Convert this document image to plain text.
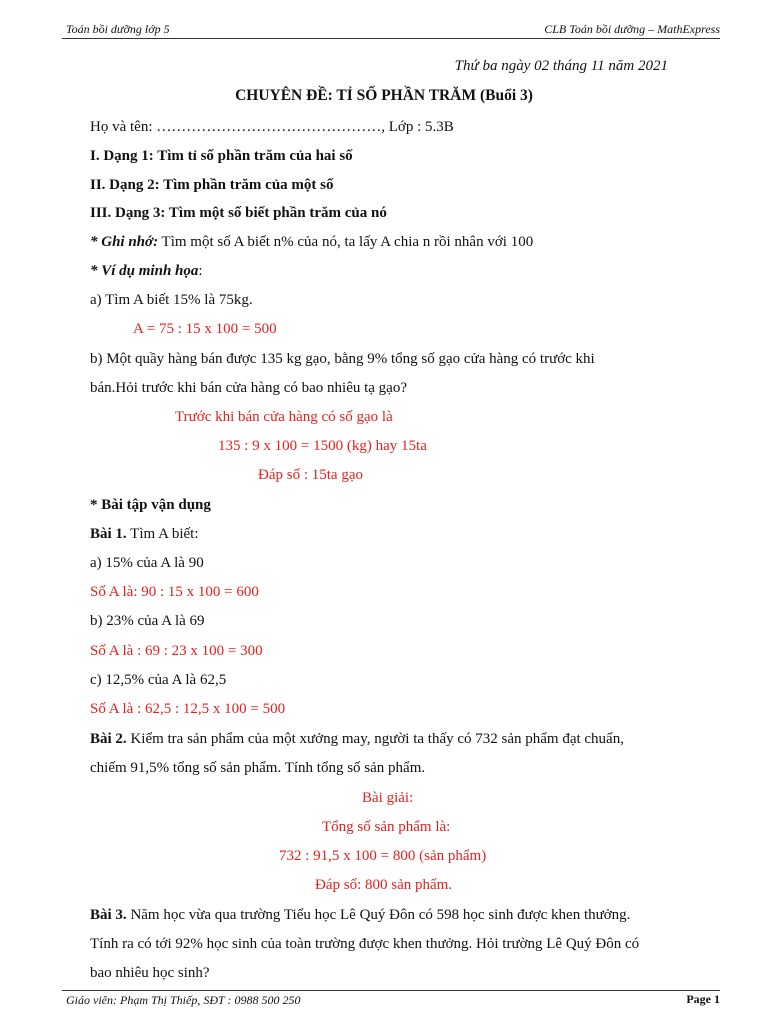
Toán bồi dưỡng lớp 5	CLB Toán bồi dưỡng – MathExpress
Thứ ba ngày 02 tháng 11 năm 2021
CHUYÊN ĐỀ: TỈ SỐ PHẦN TRĂM (Buổi 3)
Họ và tên: ………………………………………, Lớp : 5.3B
I. Dạng 1: Tìm tỉ số phần trăm của hai số
II. Dạng 2: Tìm phần trăm của một số
III. Dạng 3: Tìm một số biết phần trăm của nó
* Ghi nhớ: Tìm một số A biết n% của nó, ta lấy A chia n rồi nhân với 100
* Ví dụ minh họa:
a) Tìm A biết 15% là 75kg.
A = 75 : 15 x 100 = 500
b) Một quầy hàng bán được 135 kg gạo, bằng 9% tổng số gạo cửa hàng có trước khi
bán.Hỏi trước khi bán cửa hàng có bao nhiêu tạ gạo?
Trước khi bán cửa hàng có số gạo là
135 : 9 x 100 = 1500 (kg) hay 15ta
Đáp số : 15ta gạo
* Bài tập vận dụng
Bài 1. Tìm A biết:
a) 15% của A là 90
Số A là: 90 : 15 x 100 = 600
b) 23% của A là 69
Số A là : 69 : 23 x 100 = 300
c) 12,5% của A là 62,5
Số A là : 62,5 : 12,5 x 100 = 500
Bài 2. Kiểm tra sản phẩm của một xưởng may, người ta thấy có 732 sản phẩm đạt chuẩn,
chiếm 91,5% tổng số sản phẩm. Tính tổng số sản phẩm.
Bài giải:
Tổng số sản phẩm là:
732 : 91,5 x 100 = 800 (sản phẩm)
Đáp số: 800 sản phẩm.
Bài 3. Năm học vừa qua trường Tiểu học Lê Quý Đôn có 598 học sinh được khen thưởng.
Tính ra có tới 92% học sinh của toàn trường được khen thưởng. Hỏi trường Lê Quý Đôn có
bao nhiêu học sinh?
Giáo viên: Phạm Thị Thiếp, SĐT : 0988 500 250	Page 1
